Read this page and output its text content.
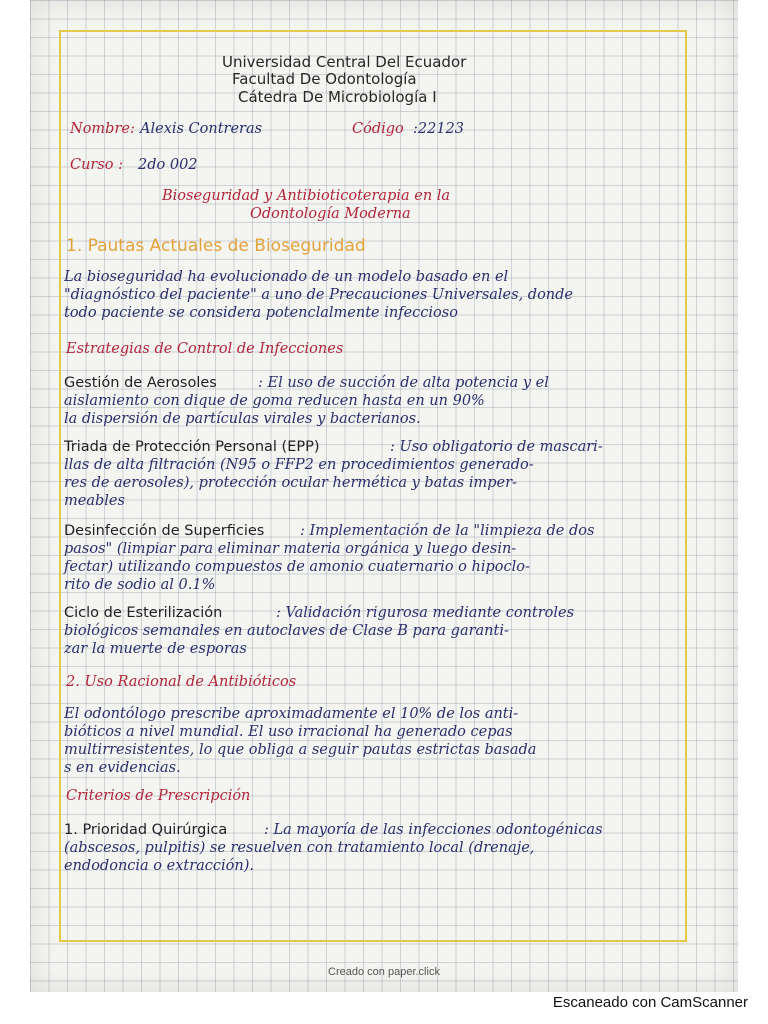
Universidad Central Del Ecuador

Facultad De Odontología

Cátedra De Microbiología I

Nombre: Alexis Contreras	Código :22123

Curso : 2do 002

Bioseguridad y Antibioticoterapia en la

Odontología Moderna

1. Pautas Actuales de Bioseguridad

La bioseguridad ha evolucionado de un modelo basado en el

"diagnóstico del paciente" a uno de Precauciones Universales, donde

todo paciente se considera potenclalmente infeccioso

Estrategias de Control de Infecciones

Gestión de Aerosoles	: El uso de succión de alta potencia y el

aislamiento con dique de goma reducen hasta en un 90%

la dispersión de partículas virales y bacterianos.

Triada de Protección Personal (EPP)	: Uso obligatorio de mascari-

llas de alta filtración (N95 o FFP2 en procedimientos generado-

res de aerosoles), protección ocular hermética y batas imper-

meables

Desinfección de Superficies : Implementación de la "limpieza de dos

pasos" (limpiar para eliminar materia orgánica y luego desin-

fectar) utilizando compuestos de amonio cuaternario o hipoclo-

rito de sodio al 0.1%

Ciclo de Esterilización	: Validación rigurosa mediante controles

biológicos semanales en autoclaves de Clase B para garanti-

zar la muerte de esporas

2. Uso Racional de Antibióticos

El odontólogo prescribe aproximadamente el 10% de los anti-

bióticos a nivel mundial. El uso irracional ha generado cepas

multirresistentes, lo que obliga a seguir pautas estrictas basada

s en evidencias.

Criterios de Prescripción

1. Prioridad Quirúrgica	: La mayoría de las infecciones odontogénicas

(abscesos, pulpitis) se resuelven con tratamiento local (drenaje,

endodoncia o extracción).

Creado con paper.click
Escaneado con CamScanner
